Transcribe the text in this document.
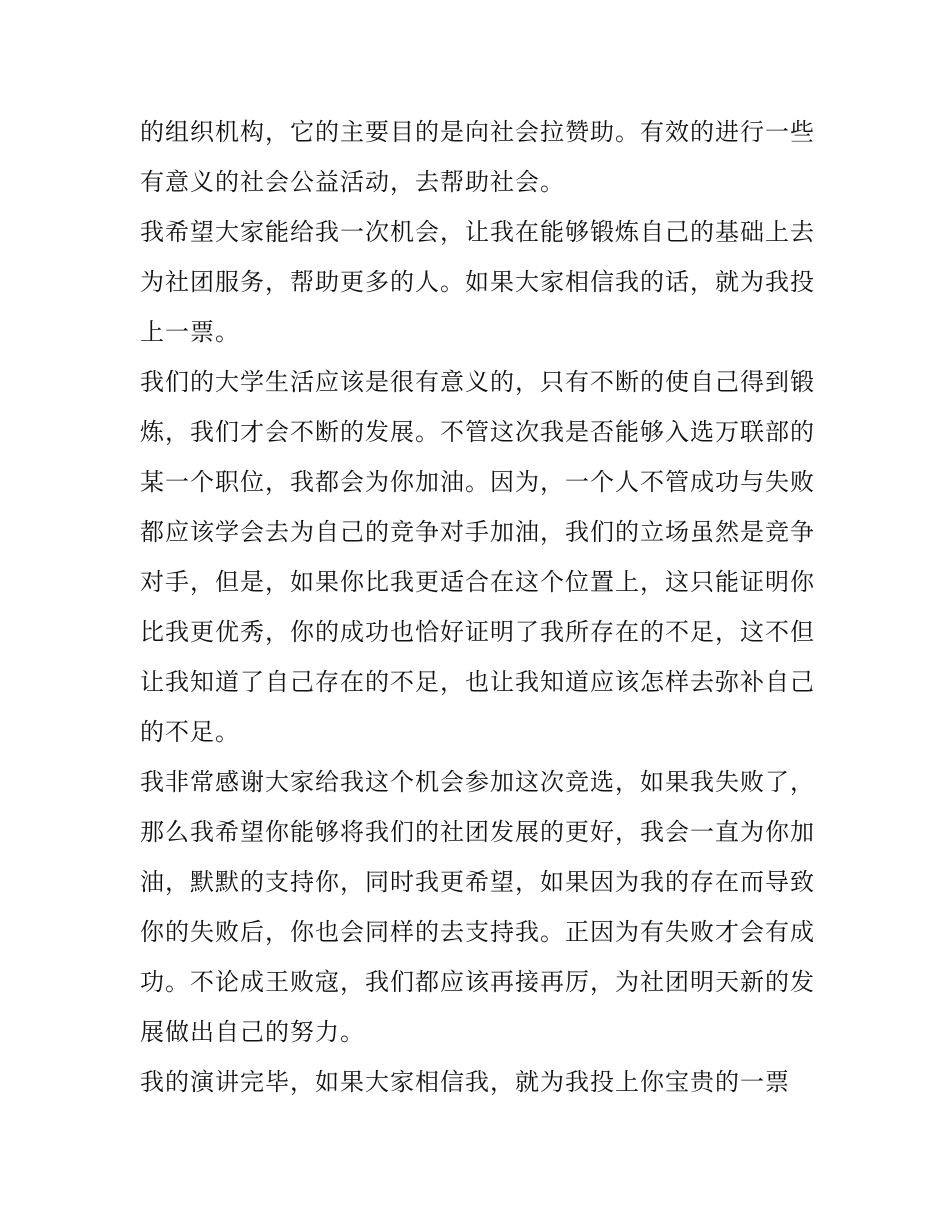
的组织机构，它的主要目的是向社会拉赞助。有效的进行一些有意义的社会公益活动，去帮助社会。

我希望大家能给我一次机会，让我在能够锻炼自己的基础上去为社团服务，帮助更多的人。如果大家相信我的话，就为我投上一票。

我们的大学生活应该是很有意义的，只有不断的使自己得到锻炼，我们才会不断的发展。不管这次我是否能够入选万联部的某一个职位，我都会为你加油。因为，一个人不管成功与失败都应该学会去为自己的竞争对手加油，我们的立场虽然是竞争对手，但是，如果你比我更适合在这个位置上，这只能证明你比我更优秀，你的成功也恰好证明了我所存在的不足，这不但让我知道了自己存在的不足，也让我知道应该怎样去弥补自己的不足。

我非常感谢大家给我这个机会参加这次竞选，如果我失败了，那么我希望你能够将我们的社团发展的更好，我会一直为你加油，默默的支持你，同时我更希望，如果因为我的存在而导致你的失败后，你也会同样的去支持我。正因为有失败才会有成功。不论成王败寇，我们都应该再接再厉，为社团明天新的发展做出自己的努力。

我的演讲完毕，如果大家相信我，就为我投上你宝贵的一票
